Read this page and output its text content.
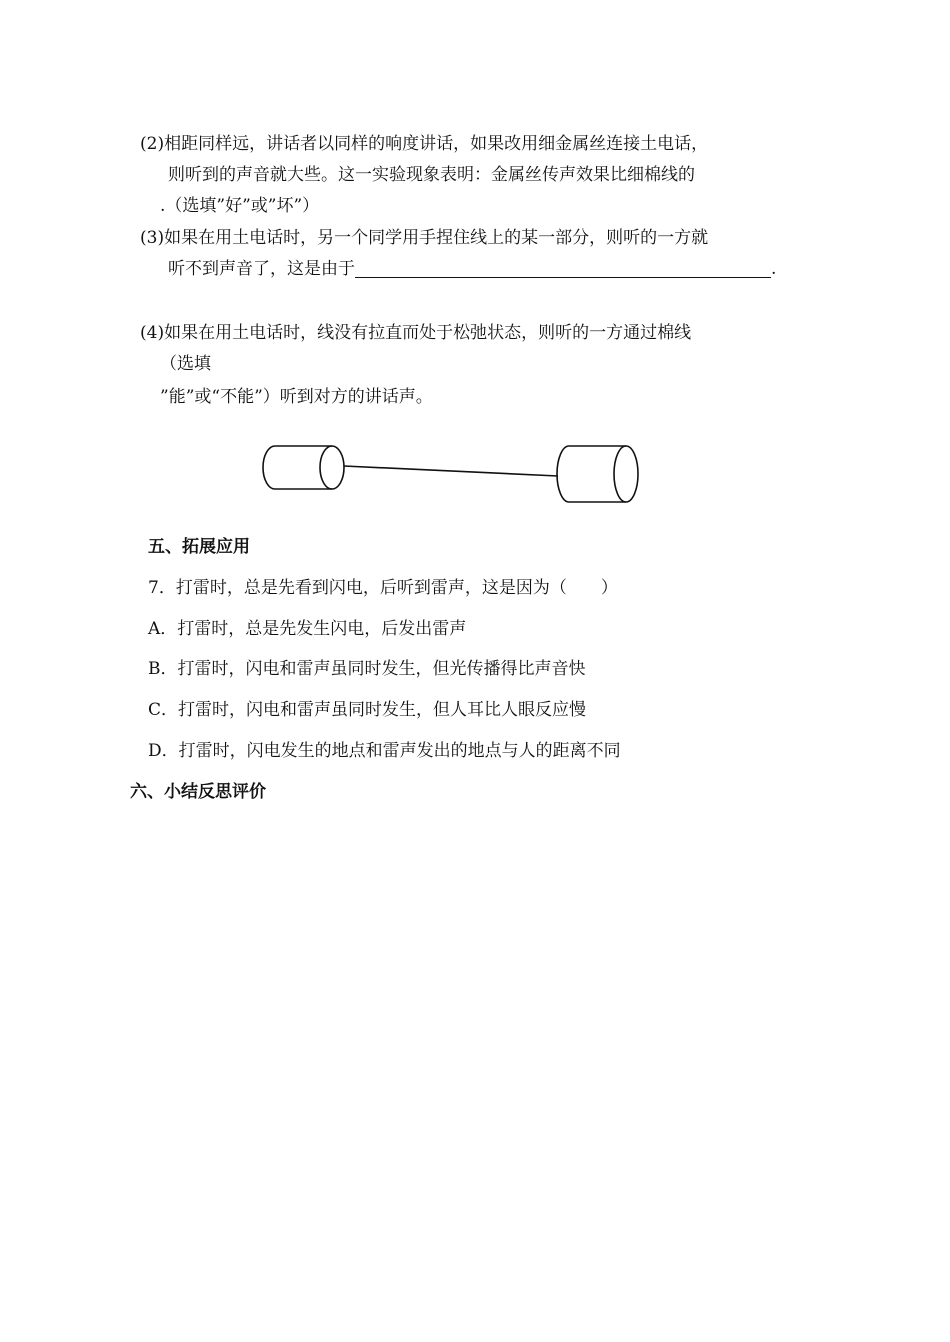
(2)相距同样远，讲话者以同样的响度讲话，如果改用细金属丝连接土电话，
则听到的声音就大些。这一实验现象表明：金属丝传声效果比细棉线的
.（选填”好”或”坏”）
(3)如果在用土电话时，另一个同学用手捏住线上的某一部分，则听的一方就
听不到声音了，这是由于	.
(4)如果在用土电话时，线没有拉直而处于松弛状态，则听的一方通过棉线
（选填
”能”或“不能”）听到对方的讲话声。
五、拓展应用
7．打雷时，总是先看到闪电，后听到雷声，这是因为（　　）
A．打雷时，总是先发生闪电，后发出雷声
B．打雷时，闪电和雷声虽同时发生，但光传播得比声音快
C．打雷时，闪电和雷声虽同时发生，但人耳比人眼反应慢
D．打雷时，闪电发生的地点和雷声发出的地点与人的距离不同
六、小结反思评价
